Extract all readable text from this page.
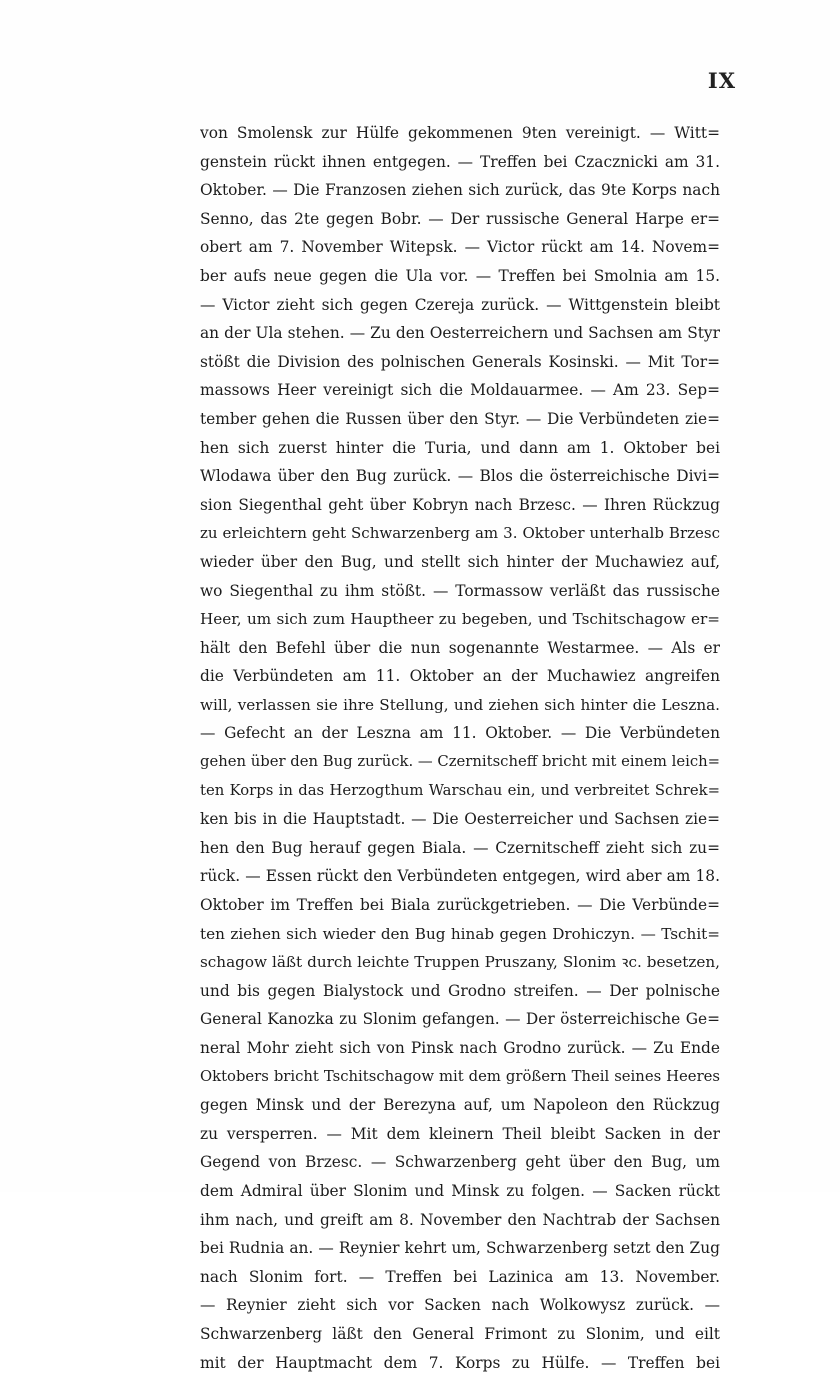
IX
von Smolensk zur Hülfe gekommenen 9ten vereinigt. — Witt=
genstein rückt ihnen entgegen. — Treffen bei Czacznicki am 31.
Oktober. — Die Franzosen ziehen sich zurück, das 9te Korps nach
Senno, das 2te gegen Bobr. — Der russische General Harpe er=
obert am 7. November Witepsk. — Victor rückt am 14. Novem=
ber aufs neue gegen die Ula vor. — Treffen bei Smolnia am 15.
— Victor zieht sich gegen Czereja zurück. — Wittgenstein bleibt
an der Ula stehen. — Zu den Oesterreichern und Sachsen am Styr
stößt die Division des polnischen Generals Kosinski. — Mit Tor=
massows Heer vereinigt sich die Moldauarmee. — Am 23. Sep=
tember gehen die Russen über den Styr. — Die Verbündeten zie=
hen sich zuerst hinter die Turia, und dann am 1. Oktober bei
Wlodawa über den Bug zurück. — Blos die österreichische Divi=
sion Siegenthal geht über Kobryn nach Brzesc. — Ihren Rückzug
zu erleichtern geht Schwarzenberg am 3. Oktober unterhalb Brzesc
wieder über den Bug, und stellt sich hinter der Muchawiez auf,
wo Siegenthal zu ihm stößt. — Tormassow verläßt das russische
Heer, um sich zum Hauptheer zu begeben, und Tschitschagow er=
hält den Befehl über die nun sogenannte Westarmee. — Als er
die Verbündeten am 11. Oktober an der Muchawiez angreifen
will, verlassen sie ihre Stellung, und ziehen sich hinter die Leszna.
— Gefecht an der Leszna am 11. Oktober. — Die Verbündeten
gehen über den Bug zurück. — Czernitscheff bricht mit einem leich=
ten Korps in das Herzogthum Warschau ein, und verbreitet Schrek=
ken bis in die Hauptstadt. — Die Oesterreicher und Sachsen zie=
hen den Bug herauf gegen Biala. — Czernitscheff zieht sich zu=
rück. — Essen rückt den Verbündeten entgegen, wird aber am 18.
Oktober im Treffen bei Biala zurückgetrieben. — Die Verbünde=
ten ziehen sich wieder den Bug hinab gegen Drohiczyn. — Tschit=
schagow läßt durch leichte Truppen Pruszany, Slonim ꝛc. besetzen,
und bis gegen Bialystock und Grodno streifen. — Der polnische
General Kanozka zu Slonim gefangen. — Der österreichische Ge=
neral Mohr zieht sich von Pinsk nach Grodno zurück. — Zu Ende
Oktobers bricht Tschitschagow mit dem größern Theil seines Heeres
gegen Minsk und der Berezyna auf, um Napoleon den Rückzug
zu versperren. — Mit dem kleinern Theil bleibt Sacken in der
Gegend von Brzesc. — Schwarzenberg geht über den Bug, um
dem Admiral über Slonim und Minsk zu folgen. — Sacken rückt
ihm nach, und greift am 8. November den Nachtrab der Sachsen
bei Rudnia an. — Reynier kehrt um, Schwarzenberg setzt den Zug
nach Slonim fort. — Treffen bei Lazinica am 13. November.
— Reynier zieht sich vor Sacken nach Wolkowysz zurück. —
Schwarzenberg läßt den General Frimont zu Slonim, und eilt
mit der Hauptmacht dem 7. Korps zu Hülfe. — Treffen bei
